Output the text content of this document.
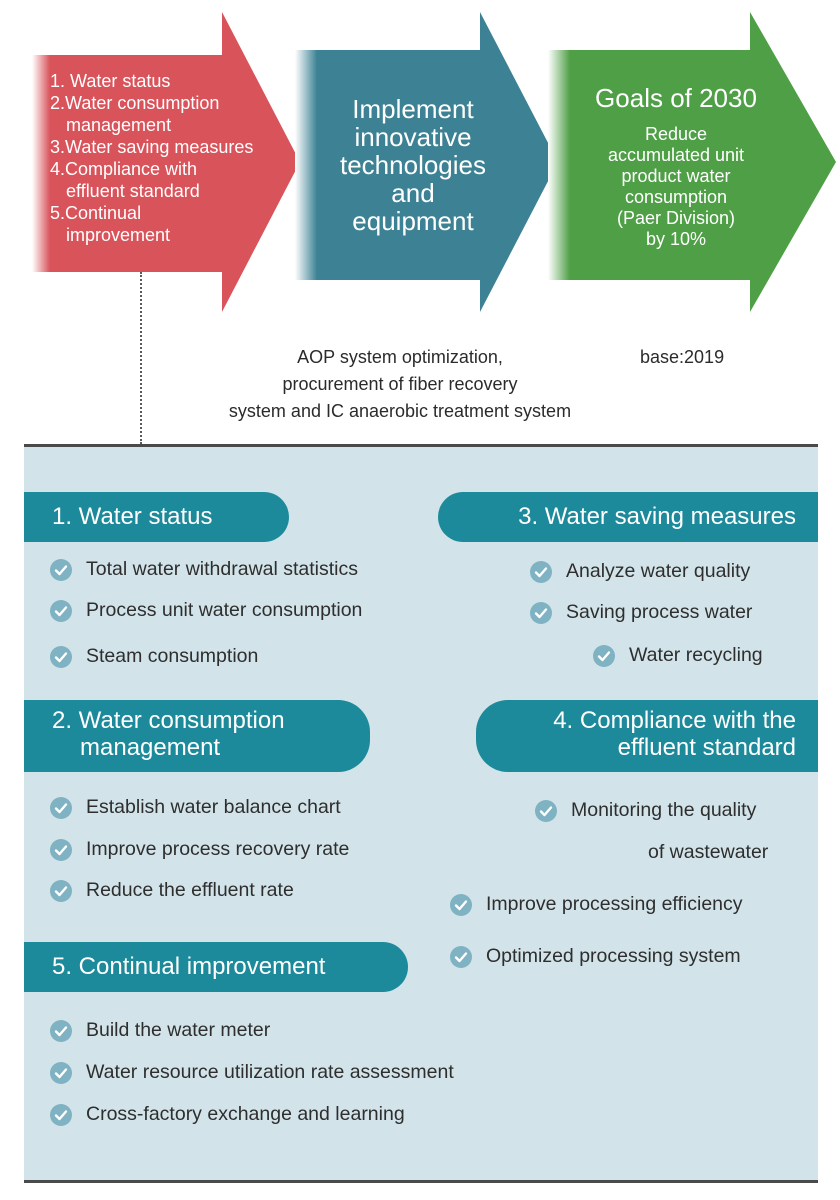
1. Water status
2.Water consumption
management
3.Water saving measures
4.Compliance with
effluent standard
5.Continual
improvement
Implement
innovative
technologies
and
equipment
Goals of 2030
Reduce
accumulated unit
product water
consumption
(Paer Division)
by 10%
AOP system optimization,
procurement of fiber recovery
system and IC anaerobic treatment system
base:2019
1. Water status
Total water withdrawal statistics
Process unit water consumption
Steam consumption
3. Water saving measures
Analyze water quality
Saving process water
Water recycling
2. Water consumption
management
Establish water balance chart
Improve process recovery rate
Reduce the effluent rate
4. Compliance with the
effluent standard
Monitoring the quality
of wastewater
Improve processing efficiency
Optimized processing system
5. Continual improvement
Build the water meter
Water resource utilization rate assessment
Cross-factory exchange and learning
